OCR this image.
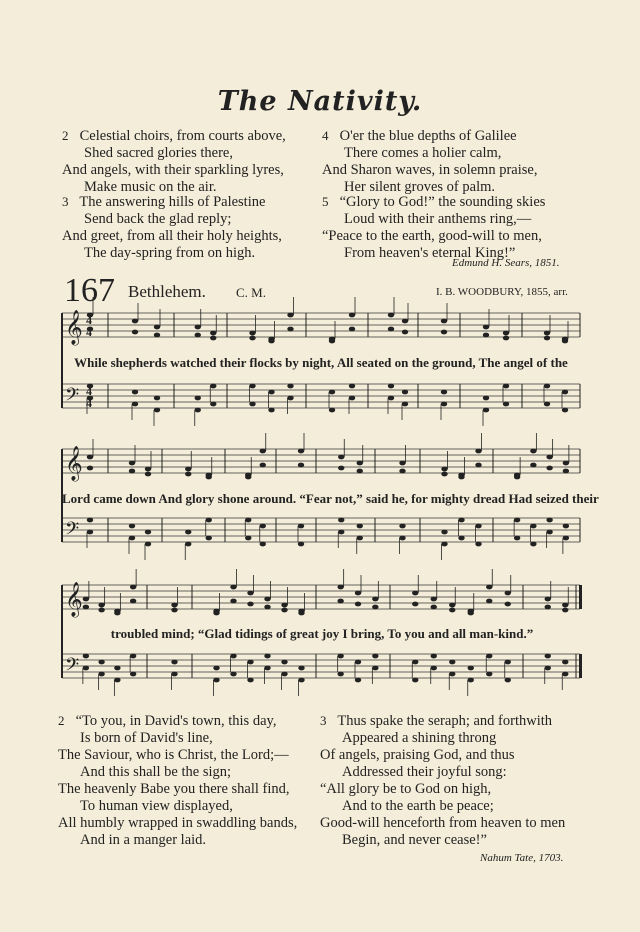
The Nativity.
2 Celestial choirs, from courts above,
Shed sacred glories there,
And angels, with their sparkling lyres,
Make music on the air.
3 The answering hills of Palestine
Send back the glad reply;
And greet, from all their holy heights,
The day-spring from on high.
4 O'er the blue depths of Galilee
There comes a holier calm,
And Sharon waves, in solemn praise,
Her silent groves of palm.
5 “Glory to God!” the sounding skies
Loud with their anthems ring,—
“Peace to the earth, good-will to men,
From heaven's eternal King!”
Edmund H. Sears, 1851.
167 Bethlehem. C. M.	I. B. WOODBURY, 1855, arr.
𝄞
𝄢
𝄞
𝄢
𝄞
𝄢
4
4
4
4
While shepherds watched their flocks by night, All seated on the ground, The angel of the
Lord came down And glory shone around. “Fear not,” said he, for mighty dread Had seized their
troubled mind; “Glad tidings of great joy I bring, To you and all man-kind.”
2 “To you, in David's town, this day,
Is born of David's line,
The Saviour, who is Christ, the Lord;—
And this shall be the sign;
The heavenly Babe you there shall find,
To human view displayed,
All humbly wrapped in swaddling bands,
And in a manger laid.
3 Thus spake the seraph; and forthwith
Appeared a shining throng
Of angels, praising God, and thus
Addressed their joyful song:
“All glory be to God on high,
And to the earth be peace;
Good-will henceforth from heaven to men
Begin, and never cease!”
Nahum Tate, 1703.
